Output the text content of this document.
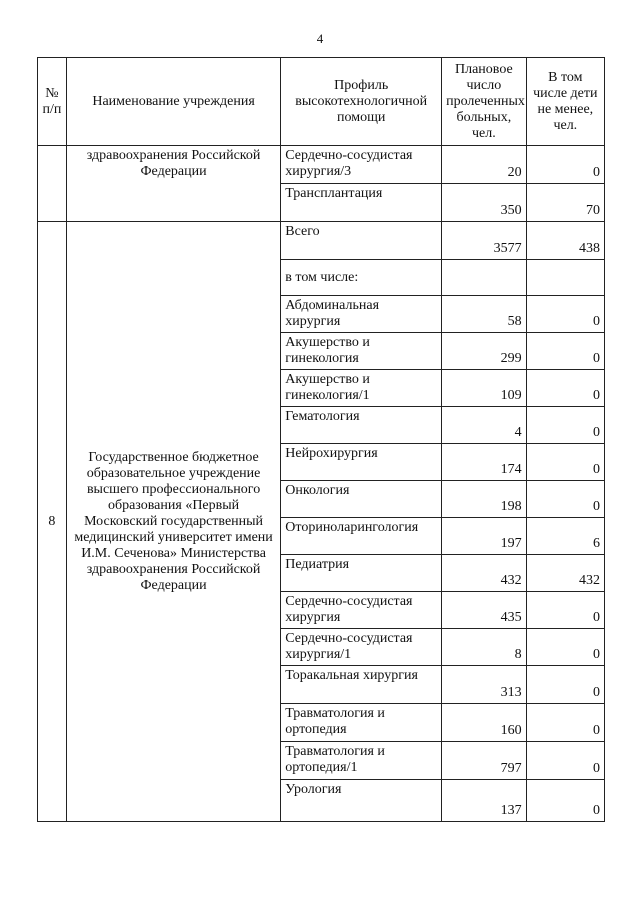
4
№ п/п	Наименование учреждения	Профиль высокотехнологичной помощи	Плановое число пролеченных больных, чел.	В том числе дети не менее, чел.
	здравоохранения Российской Федерации	Сердечно-сосудистая хирургия/3	20	0
		Трансплантация	350	70
8	Государственное бюджетное образовательное учреждение высшего профессионального образования «Первый Московский государственный медицинский университет имени И.М. Сеченова» Министерства здравоохранения Российской Федерации	Всего	3577	438
		в том числе:		
		Абдоминальная хирургия	58	0
		Акушерство и гинекология	299	0
		Акушерство и гинекология/1	109	0
		Гематология	4	0
		Нейрохирургия	174	0
		Онкология	198	0
		Оториноларингология	197	6
		Педиатрия	432	432
		Сердечно-сосудистая хирургия	435	0
		Сердечно-сосудистая хирургия/1	8	0
		Торакальная хирургия	313	0
		Травматология и ортопедия	160	0
		Травматология и ортопедия/1	797	0
		Урология	137	0
